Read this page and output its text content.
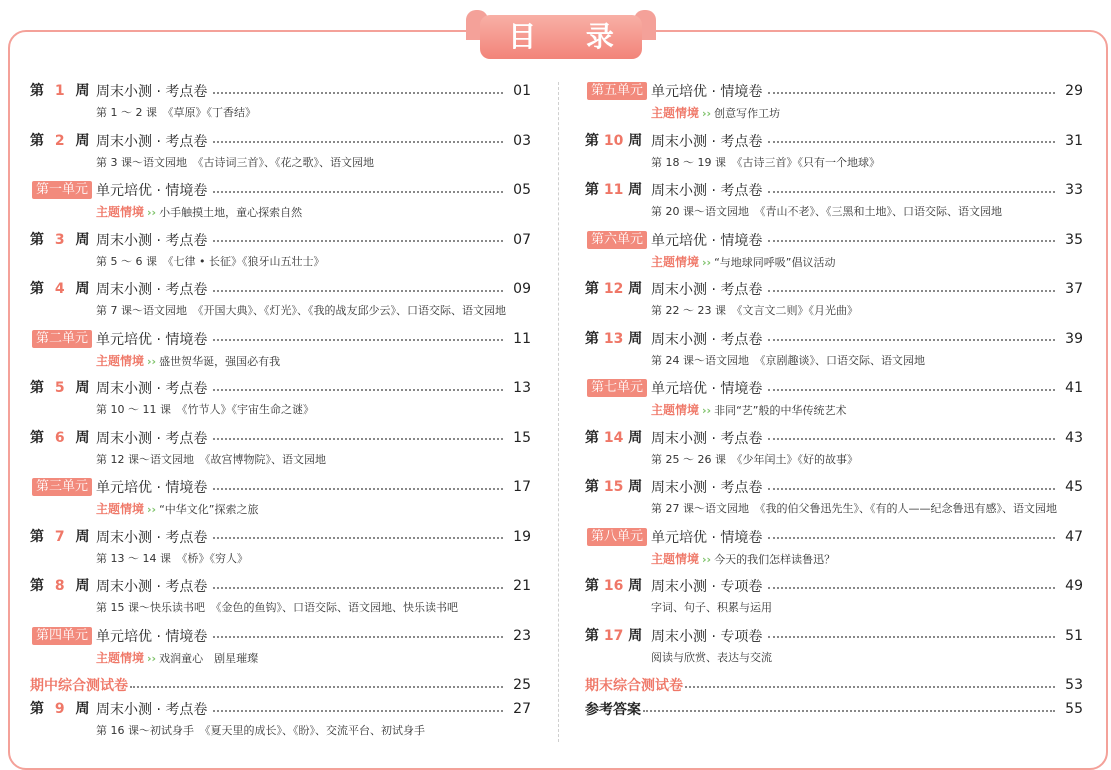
目 录
第 1 周 周末小测 · 考点卷	01
第 1 ～ 2 课　《草原》《丁香结》
第 2 周 周末小测 · 考点卷	03
第 3 课～语文园地　《古诗词三首》、《花之歌》、语文园地
第一单元 单元培优 · 情境卷	05
主题情境 ›› 小手触摸土地，童心探索自然
第 3 周 周末小测 · 考点卷	07
第 5 ～ 6 课　《七律 • 长征》《狼牙山五壮士》
第 4 周 周末小测 · 考点卷	09
第 7 课～语文园地　《开国大典》、《灯光》、《我的战友邱少云》、口语交际、语文园地
第二单元 单元培优 · 情境卷	11
主题情境 ›› 盛世贺华诞，强国必有我
第 5 周 周末小测 · 考点卷	13
第 10 ～ 11 课　《竹节人》《宇宙生命之谜》
第 6 周 周末小测 · 考点卷	15
第 12 课～语文园地　《故宫博物院》、语文园地
第三单元 单元培优 · 情境卷	17
主题情境 ›› “中华文化”探索之旅
第 7 周 周末小测 · 考点卷	19
第 13 ～ 14 课　《桥》《穷人》
第 8 周 周末小测 · 考点卷	21
第 15 课～快乐读书吧　《金色的鱼钩》、口语交际、语文园地、快乐读书吧
第四单元 单元培优 · 情境卷	23
主题情境 ›› 戏润童心　剧星璀璨
期中综合测试卷	25
第 9 周 周末小测 · 考点卷	27
第 16 课～初试身手　《夏天里的成长》、《盼》、交流平台、初试身手
第五单元 单元培优 · 情境卷	29
主题情境 ›› 创意写作工坊
第 10 周 周末小测 · 考点卷	31
第 18 ～ 19 课　《古诗三首》《只有一个地球》
第 11 周 周末小测 · 考点卷	33
第 20 课～语文园地　《青山不老》、《三黑和土地》、口语交际、语文园地
第六单元 单元培优 · 情境卷	35
主题情境 ›› “与地球同呼吸”倡议活动
第 12 周 周末小测 · 考点卷	37
第 22 ～ 23 课　《文言文二则》《月光曲》
第 13 周 周末小测 · 考点卷	39
第 24 课～语文园地　《京剧趣谈》、口语交际、语文园地
第七单元 单元培优 · 情境卷	41
主题情境 ›› 非同“艺”般的中华传统艺术
第 14 周 周末小测 · 考点卷	43
第 25 ～ 26 课　《少年闰土》《好的故事》
第 15 周 周末小测 · 考点卷	45
第 27 课～语文园地　《我的伯父鲁迅先生》、《有的人——纪念鲁迅有感》、语文园地
第八单元 单元培优 · 情境卷	47
主题情境 ›› 今天的我们怎样读鲁迅？
第 16 周 周末小测 · 专项卷	49
字词、句子、积累与运用
第 17 周 周末小测 · 专项卷	51
阅读与欣赏、表达与交流
期末综合测试卷	53
参考答案	55
